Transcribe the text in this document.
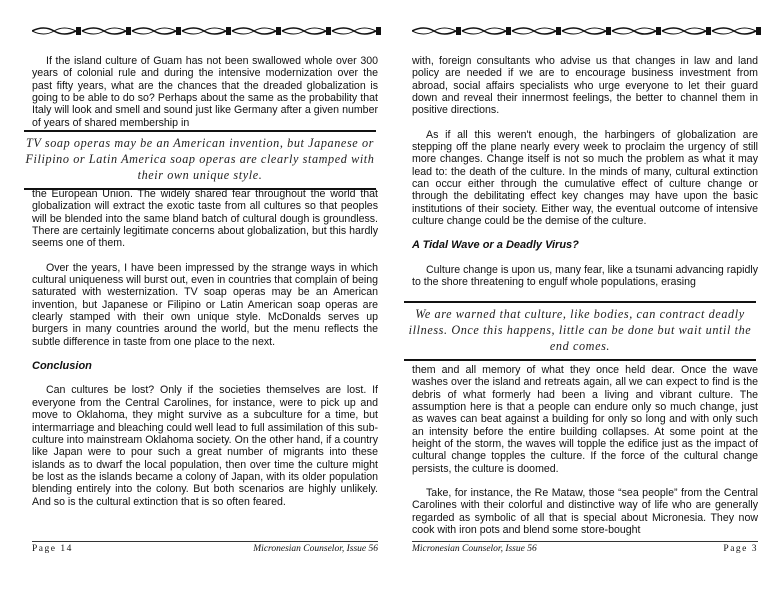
If the island culture of Guam has not been swallowed whole over 300 years of colonial rule and during the intensive modernization over the past fifty years, what are the chances that the dreaded globalization is going to be able to do so? Perhaps about the same as the probability that Italy will look and smell and sound just like Germany after a given number of years of shared membership in

TV soap operas may be an American invention, but Japanese or Filipino or Latin America soap operas are clearly stamped with their own unique style.

the European Union. The widely shared fear throughout the world that globalization will extract the exotic taste from all cultures so that peoples will be blended into the same bland batch of cultural dough is groundless. There are certainly legitimate concerns about globalization, but this hardly seems one of them.

Over the years, I have been impressed by the strange ways in which cultural uniqueness will burst out, even in countries that complain of being saturated with westernization. TV soap operas may be an American invention, but Japanese or Filipino or Latin American soap operas are clearly stamped with their own unique style. McDonalds serves up burgers in many countries around the world, but the menu reflects the subtle difference in taste from one place to the next.

Conclusion

Can cultures be lost? Only if the societies themselves are lost. If everyone from the Central Carolines, for instance, were to pick up and move to Oklahoma, they might survive as a subculture for a time, but intermarriage and bleaching could well lead to full assimilation of this sub-culture into mainstream Oklahoma society. On the other hand, if a country like Japan were to pour such a great number of migrants into these islands as to dwarf the local population, then over time the culture might be lost as the islands became a colony of Japan, with its older population blending entirely into the colony. But both scenarios are highly unlikely. And so is the cultural extinction that is so often feared.

Page 14	Micronesian Counselor, Issue 56

with, foreign consultants who advise us that changes in law and land policy are needed if we are to encourage business investment from abroad, social affairs specialists who urge everyone to let their guard down and reveal their innermost feelings, the better to channel them in positive directions.

As if all this weren't enough, the harbingers of globalization are stepping off the plane nearly every week to proclaim the urgency of still more changes. Change itself is not so much the problem as what it may lead to: the death of the culture. In the minds of many, cultural extinction can occur either through the cumulative effect of culture change or through the debilitating effect key changes may have upon the basic institutions of their society. Either way, the eventual outcome of intensive culture change could be the demise of the culture.

A Tidal Wave or a Deadly Virus?

Culture change is upon us, many fear, like a tsunami advancing rapidly to the shore threatening to engulf whole populations, erasing

We are warned that culture, like bodies, can contract deadly illness. Once this happens, little can be done but wait until the end comes.

them and all memory of what they once held dear. Once the wave washes over the island and retreats again, all we can expect to find is the debris of what formerly had been a living and vibrant culture. The assumption here is that a people can endure only so much change, just as waves can beat against a building for only so long and with only such an intensity before the entire building collapses. At some point at the height of the storm, the waves will topple the edifice just as the impact of cultural change topples the culture. If the force of the cultural change persists, the culture is doomed.

Take, for instance, the Re Mataw, those “sea people” from the Central Carolines with their colorful and distinctive way of life who are generally regarded as symbolic of all that is special about Micronesia. They now cook with iron pots and blend some store-bought

Micronesian Counselor, Issue 56	Page 3
